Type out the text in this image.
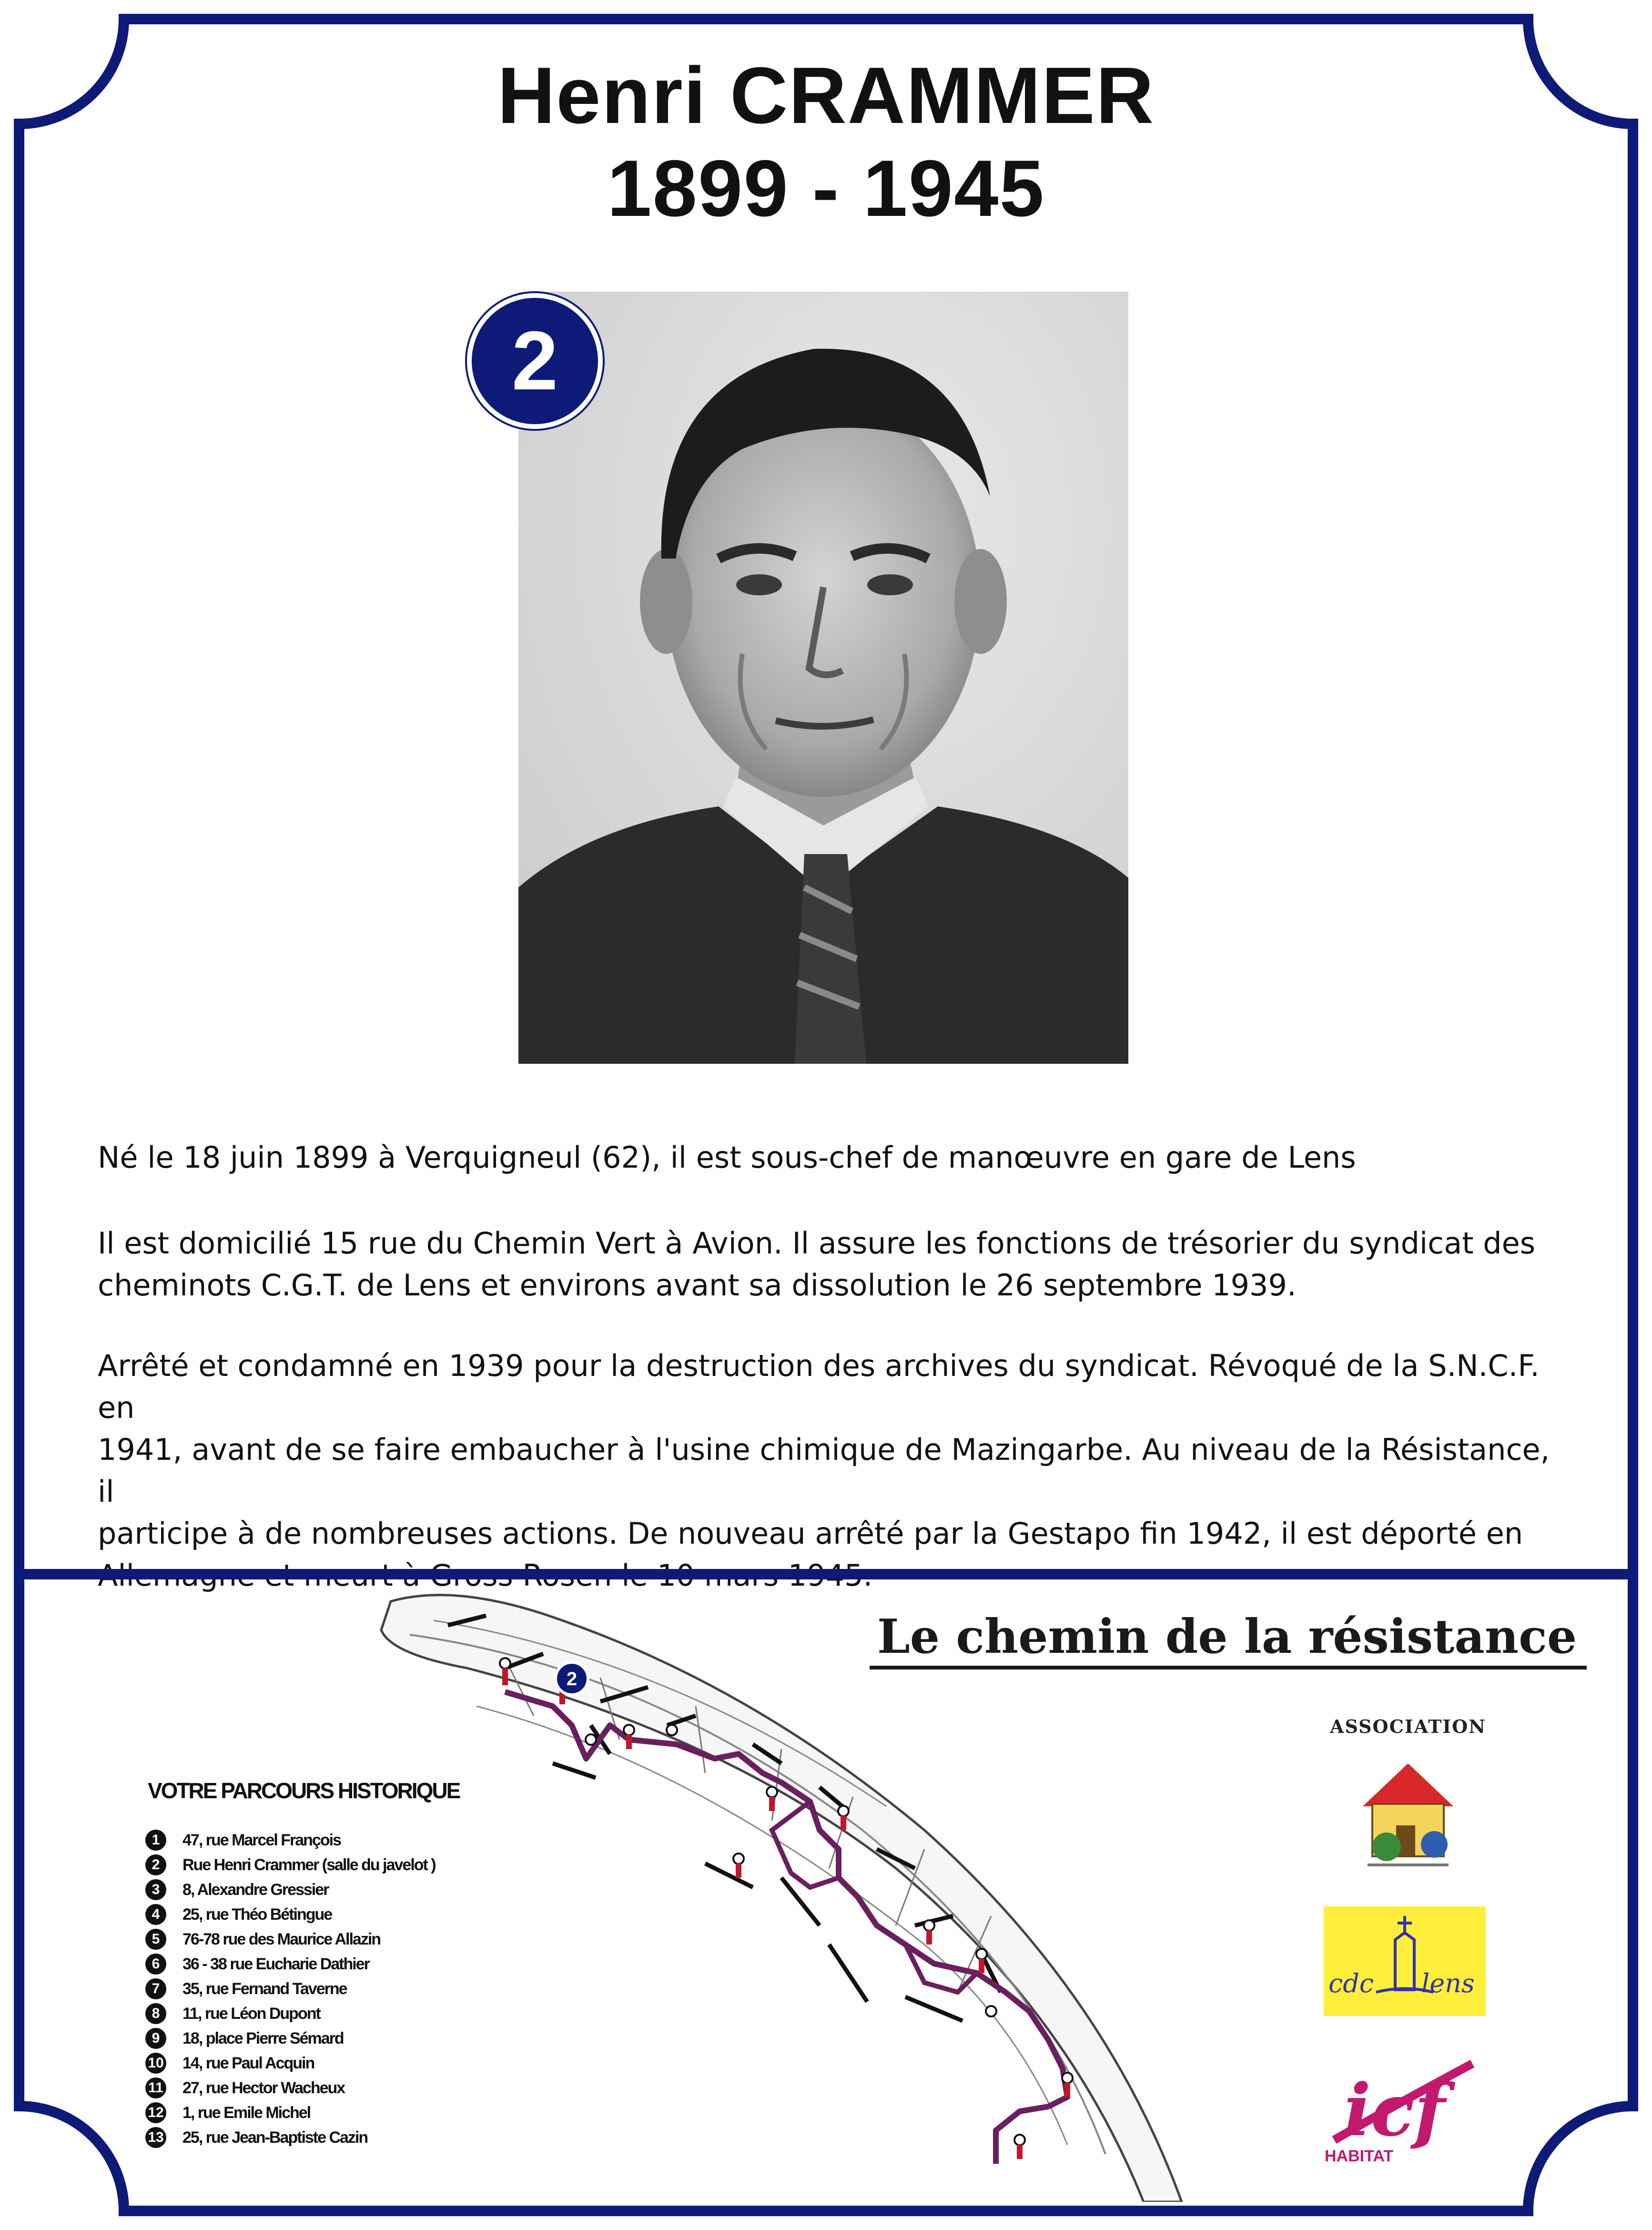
Henri CRAMMER
1899 - 1945
2

Né le 18 juin 1899 à Verquigneul (62), il est sous-chef de manœuvre en gare de Lens

Il est domicilié 15 rue du Chemin Vert à Avion. Il assure les fonctions de trésorier du syndicat des

cheminots C.G.T. de Lens et environs avant sa dissolution le 26 septembre 1939.

Arrêté et condamné en 1939 pour la destruction des archives du syndicat. Révoqué de la S.N.C.F. en

1941, avant de se faire embaucher à l'usine chimique de Mazingarbe. Au niveau de la Résistance, il

participe à de nombreuses actions. De nouveau arrêté par la Gestapo fin 1942, il est déporté en

2
Le chemin de la résistance
VOTRE PARCOURS HISTORIQUE
1	47, rue Marcel François
2	Rue Henri Crammer (salle du javelot )
3	8, Alexandre Gressier
4	25, rue Théo Bétingue
5	76-78 rue des Maurice Allazin
6	36 - 38 rue Eucharie Dathier
7	35, rue Fernand Taverne
8	11, rue Léon Dupont
9	18, place Pierre Sémard
10 14, rue Paul Acquin
11 27, rue Hector Wacheux
12 1, rue Emile Michel
13 25, rue Jean-Baptiste Cazin
ASSOCIATION
cdc lens
icf
HABITAT
